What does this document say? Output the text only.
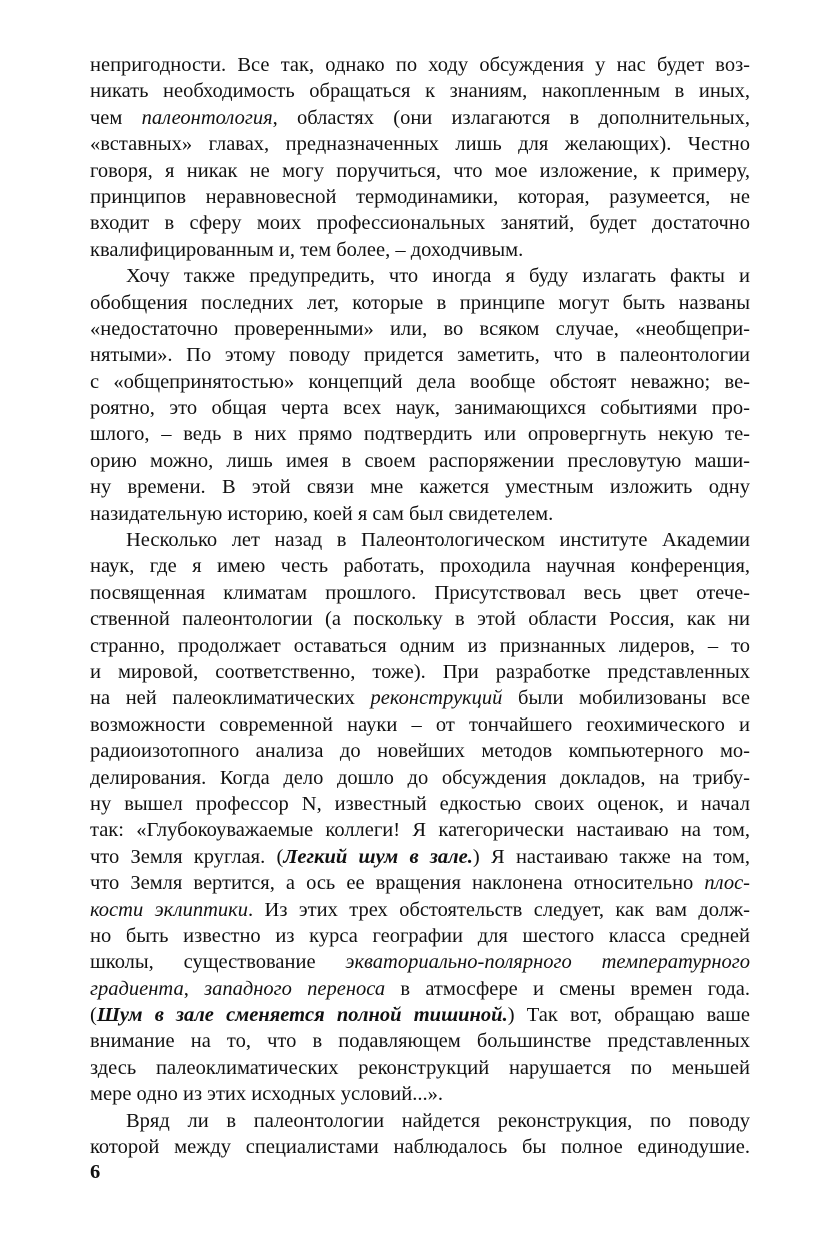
непригодности. Все так, однако по ходу обсуждения у нас будет воз-
никать необходимость обращаться к знаниям, накопленным в иных,
чем палеонтология, областях (они излагаются в дополнительных,
«вставных» главах, предназначенных лишь для желающих). Честно
говоря, я никак не могу поручиться, что мое изложение, к примеру,
принципов неравновесной термодинамики, которая, разумеется, не
входит в сферу моих профессиональных занятий, будет достаточно
квалифицированным и, тем более, – доходчивым.
Хочу также предупредить, что иногда я буду излагать факты и
обобщения последних лет, которые в принципе могут быть названы
«недостаточно проверенными» или, во всяком случае, «необщепри-
нятыми». По этому поводу придется заметить, что в палеонтологии
с «общепринятостью» концепций дела вообще обстоят неважно; ве-
роятно, это общая черта всех наук, занимающихся событиями про-
шлого, – ведь в них прямо подтвердить или опровергнуть некую те-
орию можно, лишь имея в своем распоряжении пресловутую маши-
ну времени. В этой связи мне кажется уместным изложить одну
назидательную историю, коей я сам был свидетелем.
Несколько лет назад в Палеонтологическом институте Академии
наук, где я имею честь работать, проходила научная конференция,
посвященная климатам прошлого. Присутствовал весь цвет отече-
ственной палеонтологии (а поскольку в этой области Россия, как ни
странно, продолжает оставаться одним из признанных лидеров, – то
и мировой, соответственно, тоже). При разработке представленных
на ней палеоклиматических реконструкций были мобилизованы все
возможности современной науки – от тончайшего геохимического и
радиоизотопного анализа до новейших методов компьютерного мо-
делирования. Когда дело дошло до обсуждения докладов, на трибу-
ну вышел профессор N, известный едкостью своих оценок, и начал
так: «Глубокоуважаемые коллеги! Я категорически настаиваю на том,
что Земля круглая. (Легкий шум в зале.) Я настаиваю также на том,
что Земля вертится, а ось ее вращения наклонена относительно плос-
кости эклиптики. Из этих трех обстоятельств следует, как вам долж-
но быть известно из курса географии для шестого класса средней
школы, существование экваториально-полярного температурного
градиента, западного переноса в атмосфере и смены времен года.
(Шум в зале сменяется полной тишиной.) Так вот, обращаю ваше
внимание на то, что в подавляющем большинстве представленных
здесь палеоклиматических реконструкций нарушается по меньшей
мере одно из этих исходных условий...».
Вряд ли в палеонтологии найдется реконструкция, по поводу
которой между специалистами наблюдалось бы полное единодушие.
6
